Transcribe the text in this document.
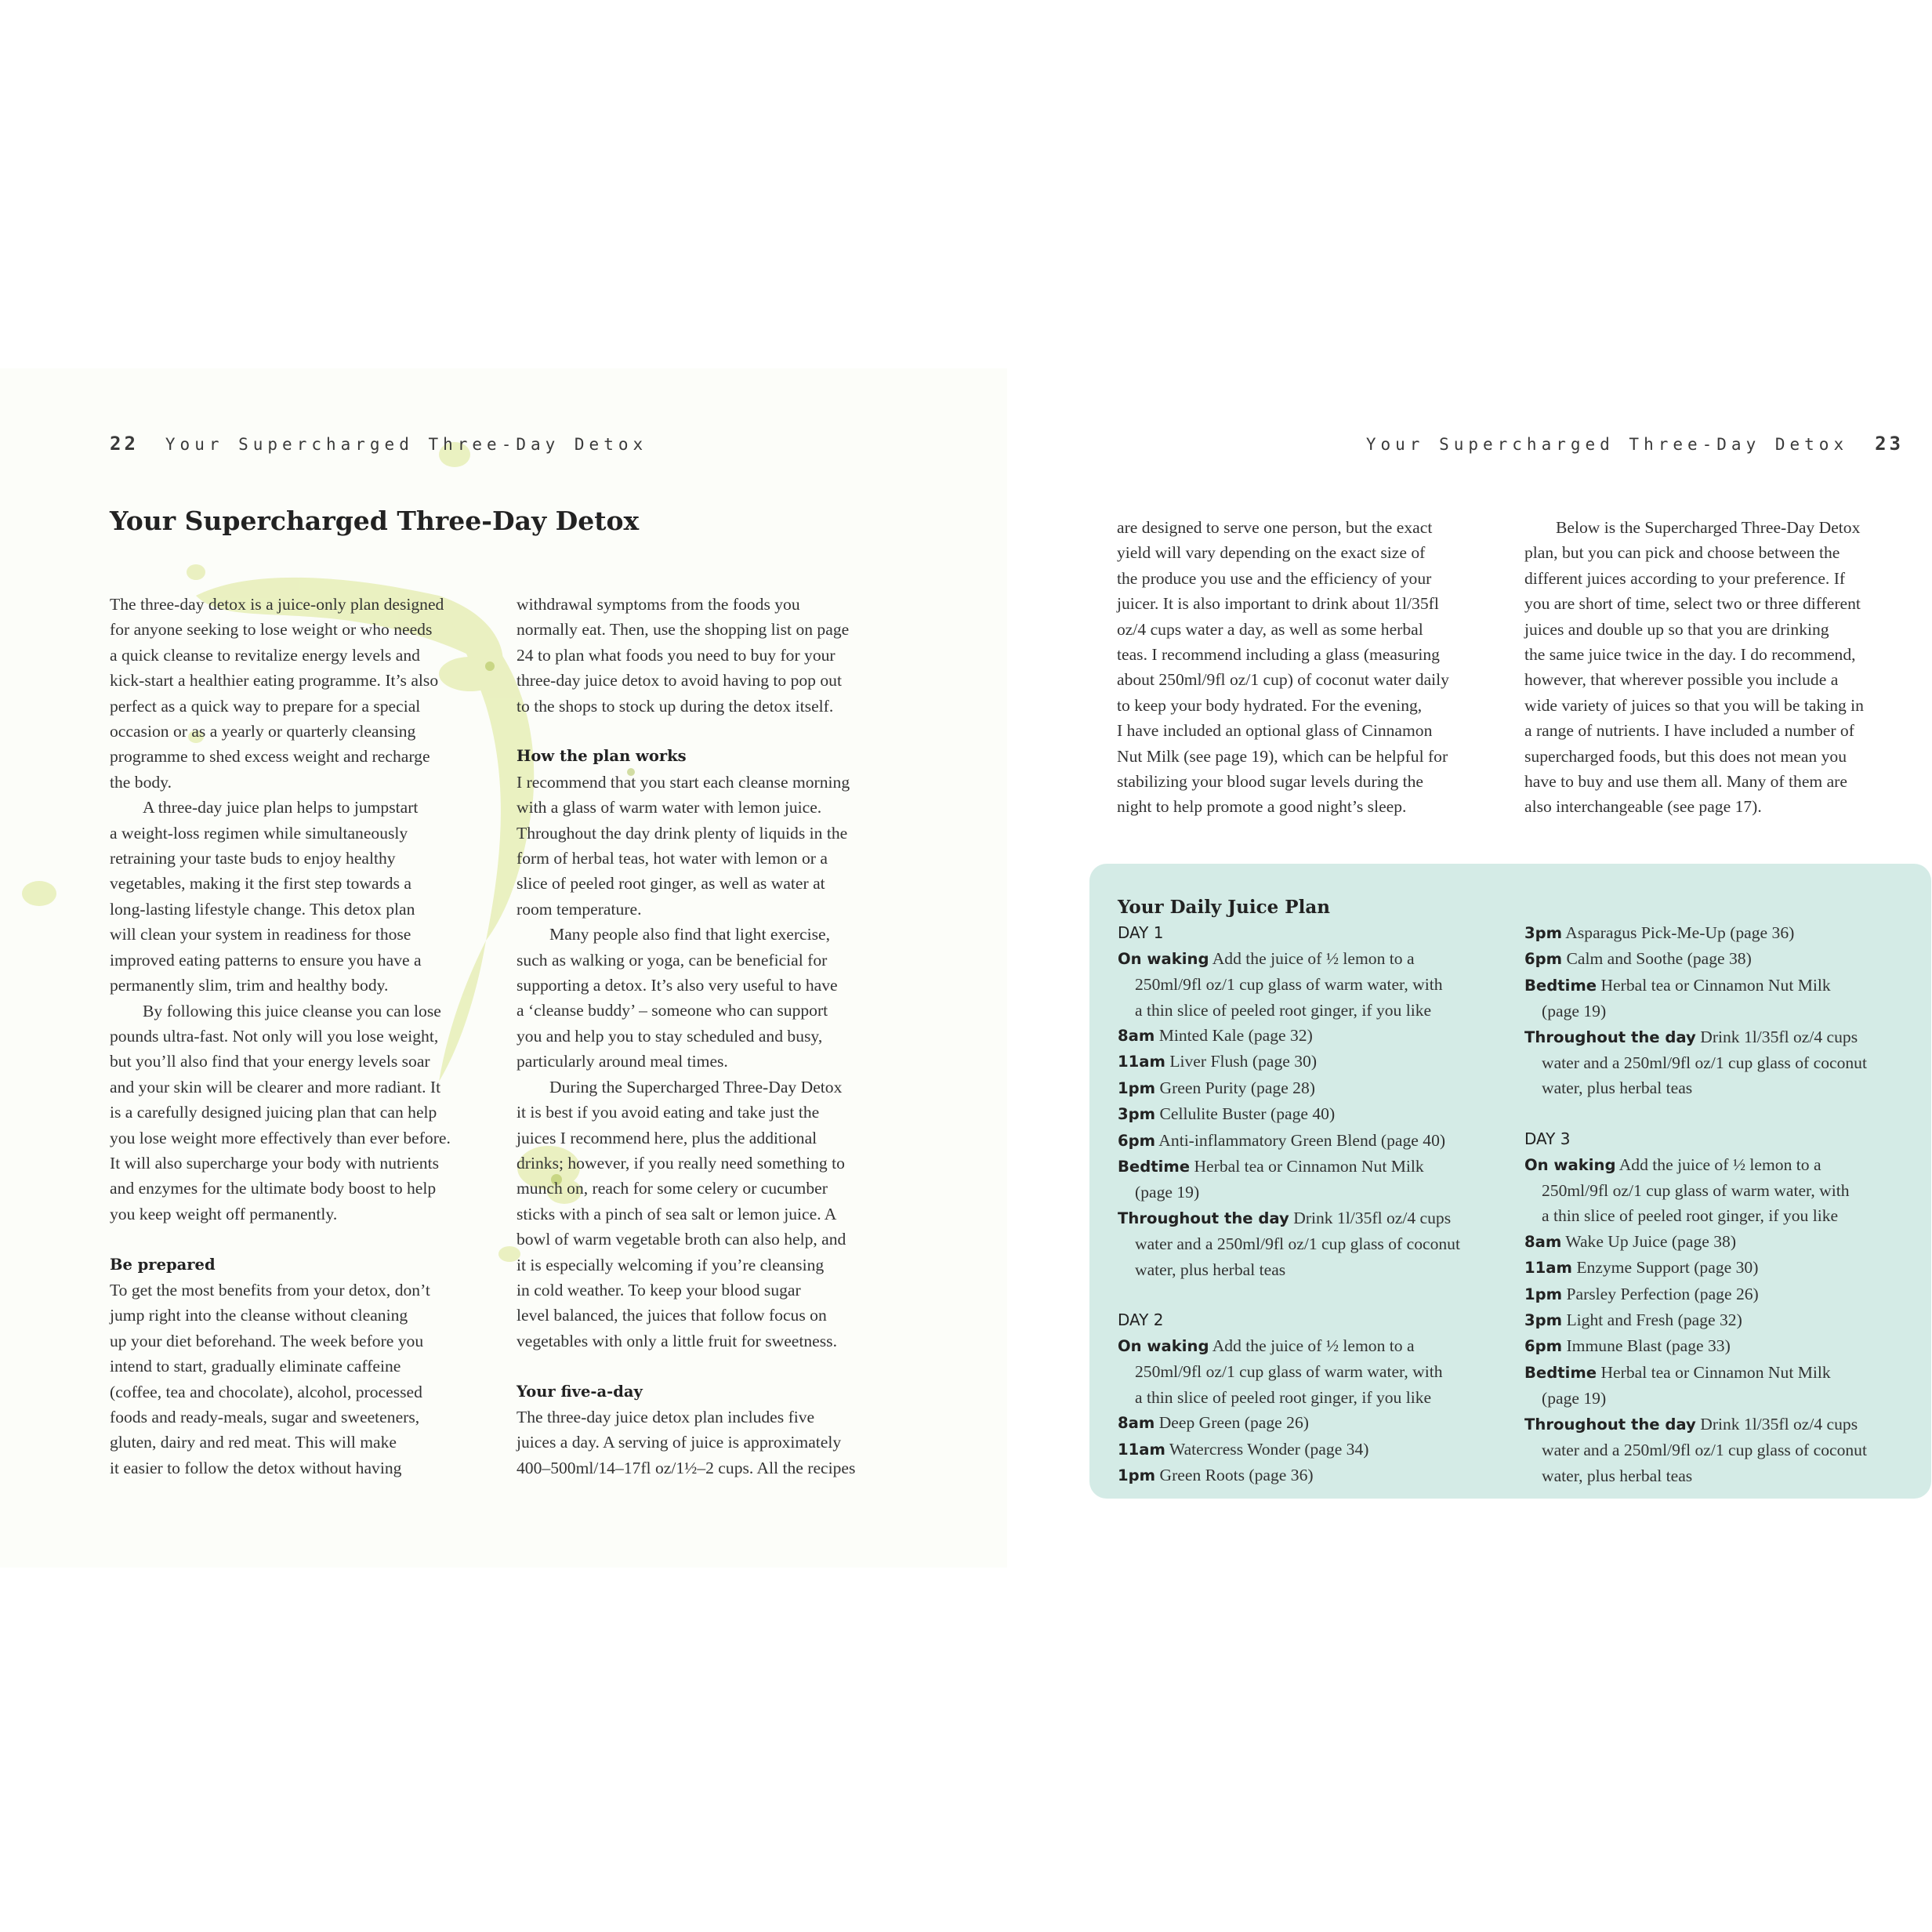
22 Your Supercharged Three-Day Detox	Your Supercharged Three-Day Detox 23
Your Supercharged Three-Day Detox

The three-day detox is a juice-only plan designed

for anyone seeking to lose weight or who needs

a quick cleanse to revitalize energy levels and

kick-start a healthier eating programme. It’s also

perfect as a quick way to prepare for a special

occasion or as a yearly or quarterly cleansing

programme to shed excess weight and recharge

the body.

A three-day juice plan helps to jumpstart

a weight-loss regimen while simultaneously

retraining your taste buds to enjoy healthy

vegetables, making it the first step towards a

long-lasting lifestyle change. This detox plan

will clean your system in readiness for those

improved eating patterns to ensure you have a

permanently slim, trim and healthy body.

By following this juice cleanse you can lose

pounds ultra-fast. Not only will you lose weight,

but you’ll also find that your energy levels soar

and your skin will be clearer and more radiant. It

is a carefully designed juicing plan that can help

you lose weight more effectively than ever before.

It will also supercharge your body with nutrients

and enzymes for the ultimate body boost to help

you keep weight off permanently.

Be prepared

To get the most benefits from your detox, don’t

jump right into the cleanse without cleaning

up your diet beforehand. The week before you

intend to start, gradually eliminate caffeine

(coffee, tea and chocolate), alcohol, processed

foods and ready-meals, sugar and sweeteners,

gluten, dairy and red meat. This will make

it easier to follow the detox without having

withdrawal symptoms from the foods you

normally eat. Then, use the shopping list on page

24 to plan what foods you need to buy for your

three-day juice detox to avoid having to pop out

to the shops to stock up during the detox itself.

How the plan works

I recommend that you start each cleanse morning

with a glass of warm water with lemon juice.

Throughout the day drink plenty of liquids in the

form of herbal teas, hot water with lemon or a

slice of peeled root ginger, as well as water at

room temperature.

Many people also find that light exercise,

such as walking or yoga, can be beneficial for

supporting a detox. It’s also very useful to have

a ‘cleanse buddy’ – someone who can support

you and help you to stay scheduled and busy,

particularly around meal times.

During the Supercharged Three-Day Detox

it is best if you avoid eating and take just the

juices I recommend here, plus the additional

drinks; however, if you really need something to

munch on, reach for some celery or cucumber

sticks with a pinch of sea salt or lemon juice. A

bowl of warm vegetable broth can also help, and

it is especially welcoming if you’re cleansing

in cold weather. To keep your blood sugar

level balanced, the juices that follow focus on

vegetables with only a little fruit for sweetness.

Your five-a-day

The three-day juice detox plan includes five

juices a day. A serving of juice is approximately

400–500ml/14–17fl oz/1½–2 cups. All the recipes

are designed to serve one person, but the exact

yield will vary depending on the exact size of

the produce you use and the efficiency of your

juicer. It is also important to drink about 1l/35fl

oz/4 cups water a day, as well as some herbal

teas. I recommend including a glass (measuring

about 250ml/9fl oz/1 cup) of coconut water daily

to keep your body hydrated. For the evening,

I have included an optional glass of Cinnamon

Nut Milk (see page 19), which can be helpful for

stabilizing your blood sugar levels during the

night to help promote a good night’s sleep.

Below is the Supercharged Three-Day Detox

plan, but you can pick and choose between the

different juices according to your preference. If

you are short of time, select two or three different

juices and double up so that you are drinking

the same juice twice in the day. I do recommend,

however, that wherever possible you include a

wide variety of juices so that you will be taking in

a range of nutrients. I have included a number of

supercharged foods, but this does not mean you

have to buy and use them all. Many of them are

also interchangeable (see page 17).

Your Daily Juice Plan

DAY 1

On waking Add the juice of ½ lemon to a

250ml/9fl oz/1 cup glass of warm water, with

a thin slice of peeled root ginger, if you like

8am Minted Kale (page 32)

11am Liver Flush (page 30)

1pm Green Purity (page 28)

3pm Cellulite Buster (page 40)

6pm Anti-inflammatory Green Blend (page 40)

Bedtime Herbal tea or Cinnamon Nut Milk

(page 19)

Throughout the day Drink 1l/35fl oz/4 cups

water and a 250ml/9fl oz/1 cup glass of coconut

water, plus herbal teas

DAY 2

On waking Add the juice of ½ lemon to a

250ml/9fl oz/1 cup glass of warm water, with

a thin slice of peeled root ginger, if you like

8am Deep Green (page 26)

11am Watercress Wonder (page 34)

1pm Green Roots (page 36)

3pm Asparagus Pick-Me-Up (page 36)

6pm Calm and Soothe (page 38)

Bedtime Herbal tea or Cinnamon Nut Milk

(page 19)

Throughout the day Drink 1l/35fl oz/4 cups

water and a 250ml/9fl oz/1 cup glass of coconut

water, plus herbal teas

DAY 3

On waking Add the juice of ½ lemon to a

250ml/9fl oz/1 cup glass of warm water, with

a thin slice of peeled root ginger, if you like

8am Wake Up Juice (page 38)

11am Enzyme Support (page 30)

1pm Parsley Perfection (page 26)

3pm Light and Fresh (page 32)

6pm Immune Blast (page 33)

Bedtime Herbal tea or Cinnamon Nut Milk

(page 19)

Throughout the day Drink 1l/35fl oz/4 cups

water and a 250ml/9fl oz/1 cup glass of coconut

water, plus herbal teas
